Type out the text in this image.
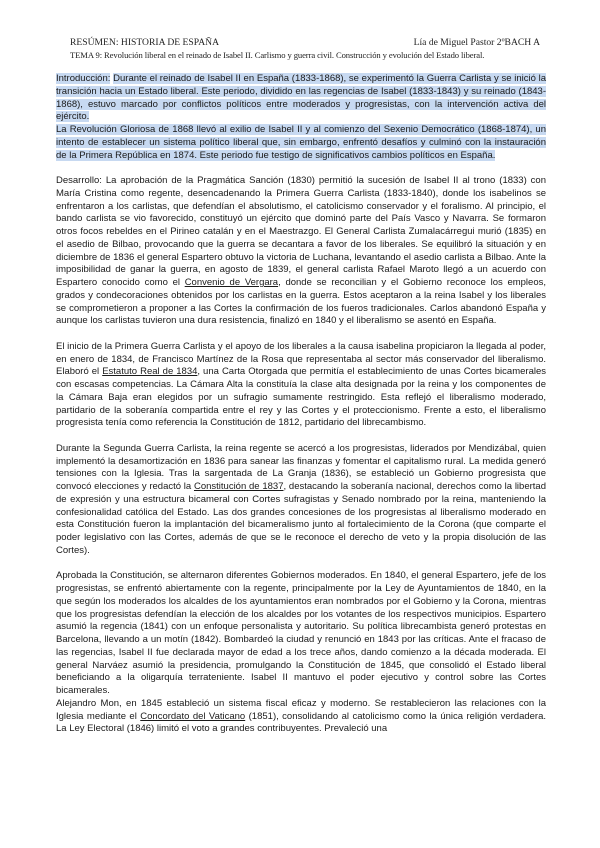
RESÚMEN: HISTORIA DE ESPAÑA	Lía de Miguel Pastor 2ºBACH A
TEMA 9: Revolución liberal en el reinado de Isabel II. Carlismo y guerra civil. Construcción y evolución del Estado liberal.

Introducción: Durante el reinado de Isabel II en España (1833-1868), se experimentó la Guerra Carlista y se inició la transición hacia un Estado liberal. Este periodo, dividido en las regencias de Isabel (1833-1843) y su reinado (1843-1868), estuvo marcado por conflictos políticos entre moderados y progresistas, con la intervención activa del ejército.

La Revolución Gloriosa de 1868 llevó al exilio de Isabel II y al comienzo del Sexenio Democrático (1868-1874), un intento de establecer un sistema político liberal que, sin embargo, enfrentó desafíos y culminó con la instauración de la Primera República en 1874. Este periodo fue testigo de significativos cambios políticos en España.

Desarrollo: La aprobación de la Pragmática Sanción (1830) permitió la sucesión de Isabel II al trono (1833) con María Cristina como regente, desencadenando la Primera Guerra Carlista (1833-1840), donde los isabelinos se enfrentaron a los carlistas, que defendían el absolutismo, el catolicismo conservador y el foralismo. Al principio, el bando carlista se vio favorecido, constituyó un ejército que dominó parte del País Vasco y Navarra. Se formaron otros focos rebeldes en el Pirineo catalán y en el Maestrazgo. El General Carlista Zumalacárregui murió (1835) en el asedio de Bilbao, provocando que la guerra se decantara a favor de los liberales. Se equilibró la situación y en diciembre de 1836 el general Espartero obtuvo la victoria de Luchana, levantando el asedio carlista a Bilbao. Ante la imposibilidad de ganar la guerra, en agosto de 1839, el general carlista Rafael Maroto llegó a un acuerdo con Espartero conocido como el Convenio de Vergara, donde se reconcilian y el Gobierno reconoce los empleos, grados y condecoraciones obtenidos por los carlistas en la guerra. Estos aceptaron a la reina Isabel y los liberales se comprometieron a proponer a las Cortes la confirmación de los fueros tradicionales. Carlos abandonó España y aunque los carlistas tuvieron una dura resistencia, finalizó en 1840 y el liberalismo se asentó en España.

El inicio de la Primera Guerra Carlista y el apoyo de los liberales a la causa isabelina propiciaron la llegada al poder, en enero de 1834, de Francisco Martínez de la Rosa que representaba al sector más conservador del liberalismo. Elaboró el Estatuto Real de 1834, una Carta Otorgada que permitía el establecimiento de unas Cortes bicamerales con escasas competencias. La Cámara Alta la constituía la clase alta designada por la reina y los componentes de la Cámara Baja eran elegidos por un sufragio sumamente restringido. Esta reflejó el liberalismo moderado, partidario de la soberanía compartida entre el rey y las Cortes y el proteccionismo. Frente a esto, el liberalismo progresista tenía como referencia la Constitución de 1812, partidario del librecambismo.

Durante la Segunda Guerra Carlista, la reina regente se acercó a los progresistas, liderados por Mendizábal, quien implementó la desamortización en 1836 para sanear las finanzas y fomentar el capitalismo rural. La medida generó tensiones con la Iglesia. Tras la sargentada de La Granja (1836), se estableció un Gobierno progresista que convocó elecciones y redactó la Constitución de 1837, destacando la soberanía nacional, derechos como la libertad de expresión y una estructura bicameral con Cortes sufragistas y Senado nombrado por la reina, manteniendo la confesionalidad católica del Estado. Las dos grandes concesiones de los progresistas al liberalismo moderado en esta Constitución fueron la implantación del bicameralismo junto al fortalecimiento de la Corona (que comparte el poder legislativo con las Cortes, además de que se le reconoce el derecho de veto y la propia disolución de las Cortes).

Aprobada la Constitución, se alternaron diferentes Gobiernos moderados. En 1840, el general Espartero, jefe de los progresistas, se enfrentó abiertamente con la regente, principalmente por la Ley de Ayuntamientos de 1840, en la que según los moderados los alcaldes de los ayuntamientos eran nombrados por el Gobierno y la Corona, mientras que los progresistas defendían la elección de los alcaldes por los votantes de los respectivos municipios. Espartero asumió la regencia (1841) con un enfoque personalista y autoritario. Su política librecambista generó protestas en Barcelona, llevando a un motín (1842). Bombardeó la ciudad y renunció en 1843 por las críticas. Ante el fracaso de las regencias, Isabel II fue declarada mayor de edad a los trece años, dando comienzo a la década moderada. El general Narváez asumió la presidencia, promulgando la Constitución de 1845, que consolidó el Estado liberal beneficiando a la oligarquía terrateniente. Isabel II mantuvo el poder ejecutivo y control sobre las Cortes bicamerales.

Alejandro Mon, en 1845 estableció un sistema fiscal eficaz y moderno. Se restablecieron las relaciones con la Iglesia mediante el Concordato del Vaticano (1851), consolidando al catolicismo como la única religión verdadera. La Ley Electoral (1846) limitó el voto a grandes contribuyentes. Prevaleció una
